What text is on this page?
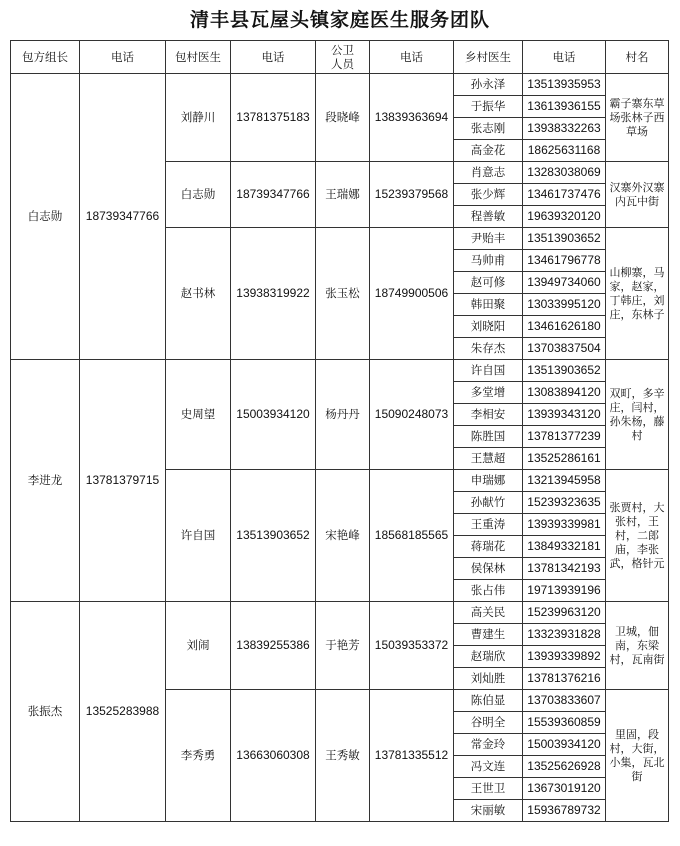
清丰县瓦屋头镇家庭医生服务团队
包方组长	电话	包村医生	电话	公卫人员	电话	乡村医生	电话	村名
白志勋	18739347766	刘静川	13781375183	段晓峰	13839363694	孙永泽	13513935953	霸子寨东草场张林子西草场
						于振华	13613936155	
						张志刚	13938332263	
						高金花	18625631168	
		白志勋	18739347766	王瑞娜	15239379568	肖意志	13283038069	汉寨外汉寨内瓦中街
						张少辉	13461737476	
						程善敏	19639320120	
		赵书林	13938319922	张玉松	18749900506	尹贻丰	13513903652	山柳寨，马家，赵家，丁韩庄，刘庄，东林子
						马帅甫	13461796778	
						赵可修	13949734060	
						韩田聚	13033995120	
						刘晓阳	13461626180	
						朱存杰	13703837504	
李进龙	13781379715	史周望	15003934120	杨丹丹	15090248073	许自国	13513903652	双町，多辛庄，闫村，孙朱杨，藤村
						多堂增	13083894120	
						李相安	13939343120	
						陈胜国	13781377239	
						王慧超	13525286161	
		许自国	13513903652	宋艳峰	18568185565	申瑞娜	13213945958	张贾村，大张村，王村，二郎庙，李张武，格针元
						孙献竹	15239323635	
						王重涛	13939339981	
						蒋瑞花	13849332181	
						侯保林	13781342193	
						张占伟	19713939196	
张振杰	13525283988	刘闹	13839255386	于艳芳	15039353372	高关民	15239963120	卫城，佃南，东梁村，瓦南街
						曹建生	13323931828	
						赵瑞欣	13939339892	
						刘灿胜	13781376216	
		李秀勇	13663060308	王秀敏	13781335512	陈伯显	13703833607	里固，段村，大街，小集，瓦北街
						谷明全	15539360859	
						常金玲	15003934120	
						冯文连	13525626928	
						王世卫	13673019120	
						宋丽敏	15936789732	
